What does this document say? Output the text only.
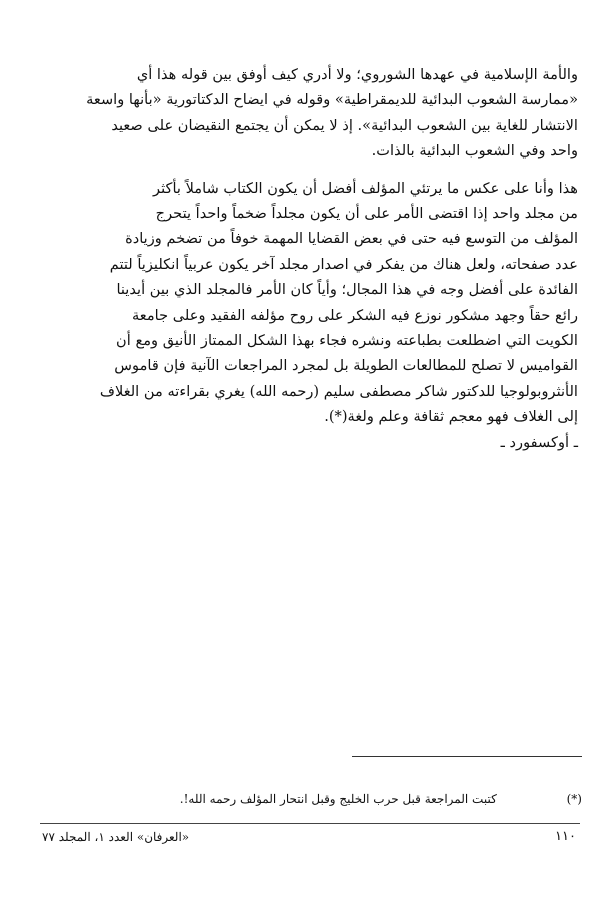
والأمة الإسلامية في عهدها الشوروي؛ ولا أدري كيف أوفق بين قوله هذا أي
«ممارسة الشعوب البدائية للديمقراطية» وقوله في ايضاح الدكتاتورية «بأنها واسعة
الانتشار للغاية بين الشعوب البدائية». إذ لا يمكن أن يجتمع النقيضان على صعيد
واحد وفي الشعوب البدائية بالذات.
هذا وأنا على عكس ما يرتئي المؤلف أفضل أن يكون الكتاب شاملاً بأكثر
من مجلد واحد إذا اقتضى الأمر على أن يكون مجلداً ضخماً واحداً يتحرج
المؤلف من التوسع فيه حتى في بعض القضايا المهمة خوفاً من تضخم وزيادة
عدد صفحاته، ولعل هناك من يفكر في اصدار مجلد آخر يكون عربياً انكليزياً لتتم
الفائدة على أفضل وجه في هذا المجال؛ وأياً كان الأمر فالمجلد الذي بين أيدينا
رائع حقاً وجهد مشكور نوزع فيه الشكر على روح مؤلفه الفقيد وعلى جامعة
الكويت التي اضطلعت بطباعته ونشره فجاء بهذا الشكل الممتاز الأنيق ومع أن
القواميس لا تصلح للمطالعات الطويلة بل لمجرد المراجعات الآنية فإن قاموس
الأنثروبولوجيا للدكتور شاكر مصطفى سليم (رحمه الله) يغري بقراءته من الغلاف
إلى الغلاف فهو معجم ثقافة وعلم ولغة(*).
ـ أوكسفورد ـ
(*) كتبت المراجعة قبل حرب الخليج وقبل انتحار المؤلف رحمه الله!.
١١٠
«العرفان» العدد ١، المجلد ٧٧
